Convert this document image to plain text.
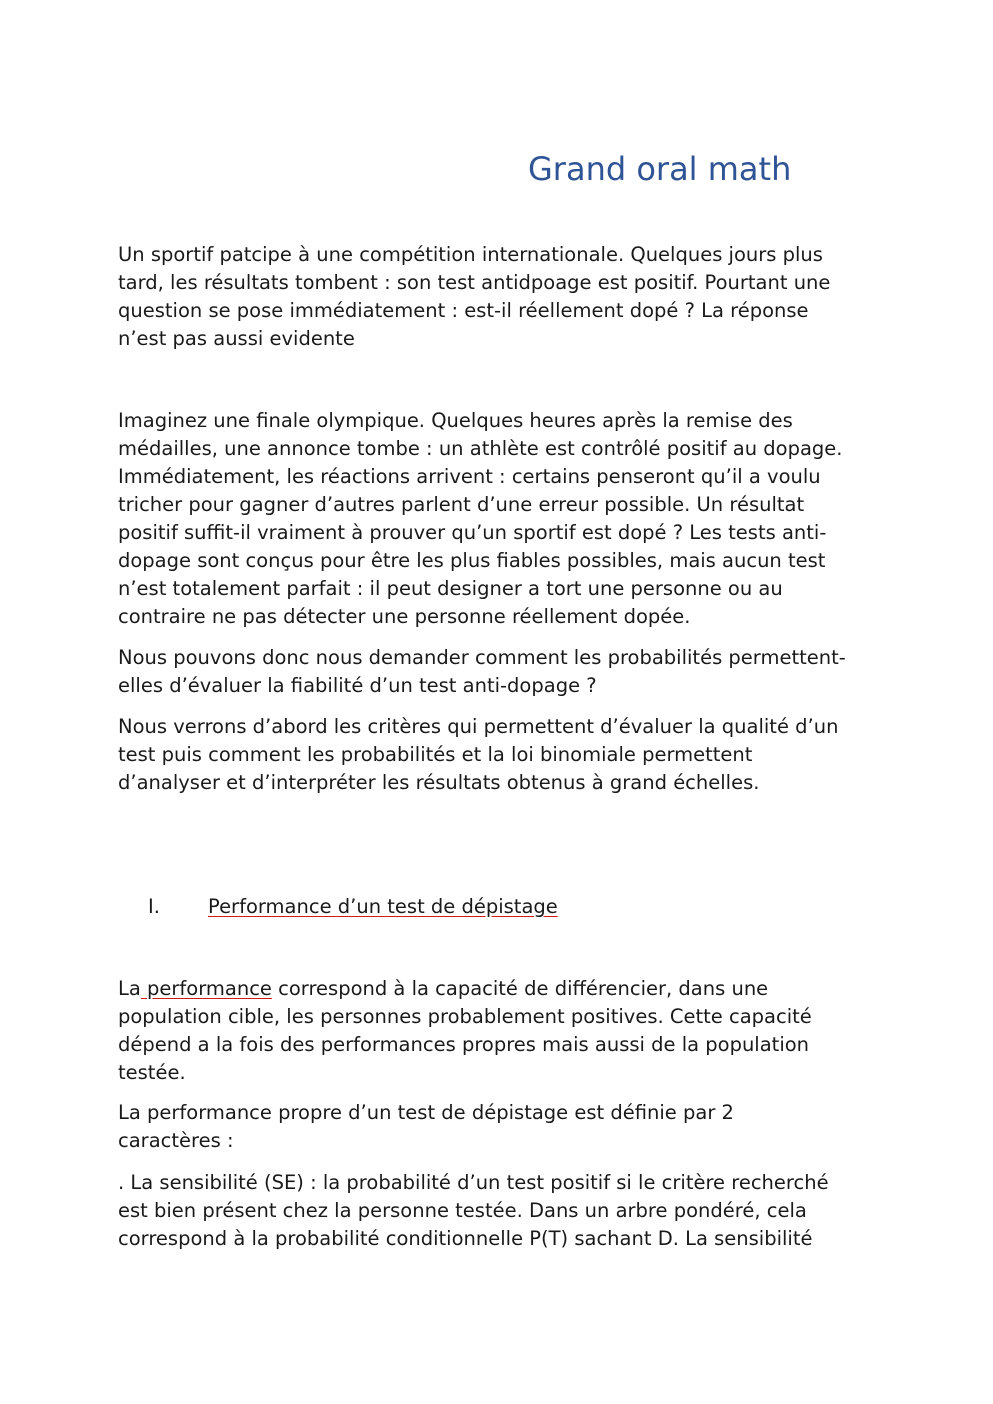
Grand oral math

Un sportif patcipe à une compétition internationale. Quelques jours plus
tard, les résultats tombent : son test antidpoage est positif. Pourtant une
question se pose immédiatement : est-il réellement dopé ? La réponse
n’est pas aussi evidente

Imaginez une finale olympique. Quelques heures après la remise des
médailles, une annonce tombe : un athlète est contrôlé positif au dopage.
Immédiatement, les réactions arrivent : certains penseront qu’il a voulu
tricher pour gagner d’autres parlent d’une erreur possible. Un résultat
positif suffit-il vraiment à prouver qu’un sportif est dopé ? Les tests anti-
dopage sont conçus pour être les plus fiables possibles, mais aucun test
n’est totalement parfait : il peut designer a tort une personne ou au
contraire ne pas détecter une personne réellement dopée.

Nous pouvons donc nous demander comment les probabilités permettent-
elles d’évaluer la fiabilité d’un test anti-dopage ?

Nous verrons d’abord les critères qui permettent d’évaluer la qualité d’un
test puis comment les probabilités et la loi binomiale permettent
d’analyser et d’interpréter les résultats obtenus à grand échelles.

I. Performance d’un test de dépistage

La performance correspond à la capacité de différencier, dans une
population cible, les personnes probablement positives. Cette capacité
dépend a la fois des performances propres mais aussi de la population
testée.

La performance propre d’un test de dépistage est définie par 2
caractères :

. La sensibilité (SE) : la probabilité d’un test positif si le critère recherché
est bien présent chez la personne testée. Dans un arbre pondéré, cela
correspond à la probabilité conditionnelle P(T) sachant D. La sensibilité
